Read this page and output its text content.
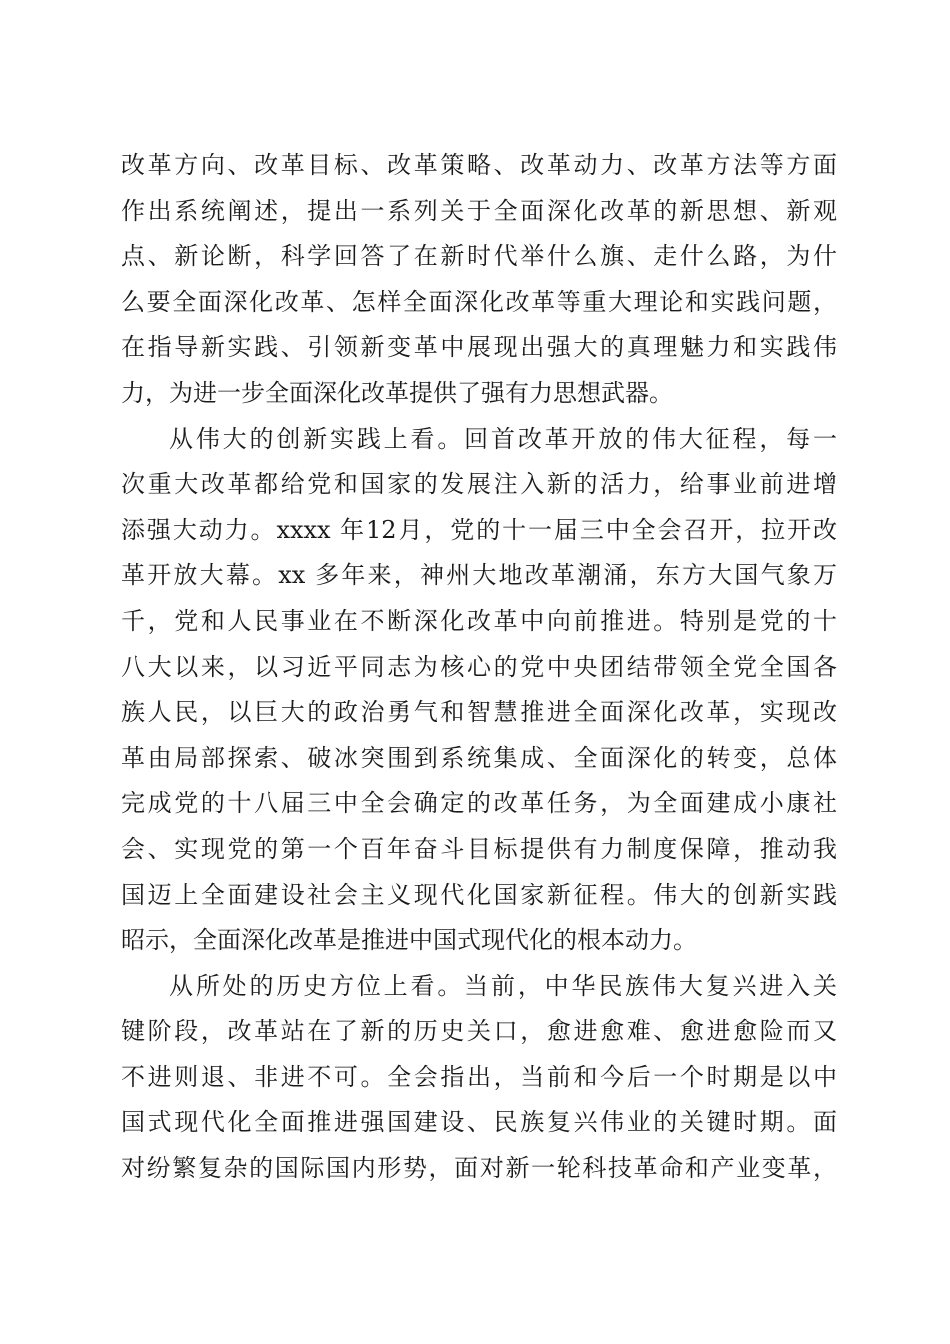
改革方向、改革目标、改革策略、改革动力、改革方法等方面
作出系统阐述，提出一系列关于全面深化改革的新思想、新观
点、新论断，科学回答了在新时代举什么旗、走什么路，为什
么要全面深化改革、怎样全面深化改革等重大理论和实践问题，
在指导新实践、引领新变革中展现出强大的真理魅力和实践伟
力，为进一步全面深化改革提供了强有力思想武器。
从伟大的创新实践上看。回首改革开放的伟大征程，每一
次重大改革都给党和国家的发展注入新的活力，给事业前进增
添强大动力。xxxx 年12月，党的十一届三中全会召开，拉开改
革开放大幕。xx 多年来，神州大地改革潮涌，东方大国气象万
千，党和人民事业在不断深化改革中向前推进。特别是党的十
八大以来，以习近平同志为核心的党中央团结带领全党全国各
族人民，以巨大的政治勇气和智慧推进全面深化改革，实现改
革由局部探索、破冰突围到系统集成、全面深化的转变，总体
完成党的十八届三中全会确定的改革任务，为全面建成小康社
会、实现党的第一个百年奋斗目标提供有力制度保障，推动我
国迈上全面建设社会主义现代化国家新征程。伟大的创新实践
昭示，全面深化改革是推进中国式现代化的根本动力。
从所处的历史方位上看。当前，中华民族伟大复兴进入关
键阶段，改革站在了新的历史关口，愈进愈难、愈进愈险而又
不进则退、非进不可。全会指出，当前和今后一个时期是以中
国式现代化全面推进强国建设、民族复兴伟业的关键时期。面
对纷繁复杂的国际国内形势，面对新一轮科技革命和产业变革，
